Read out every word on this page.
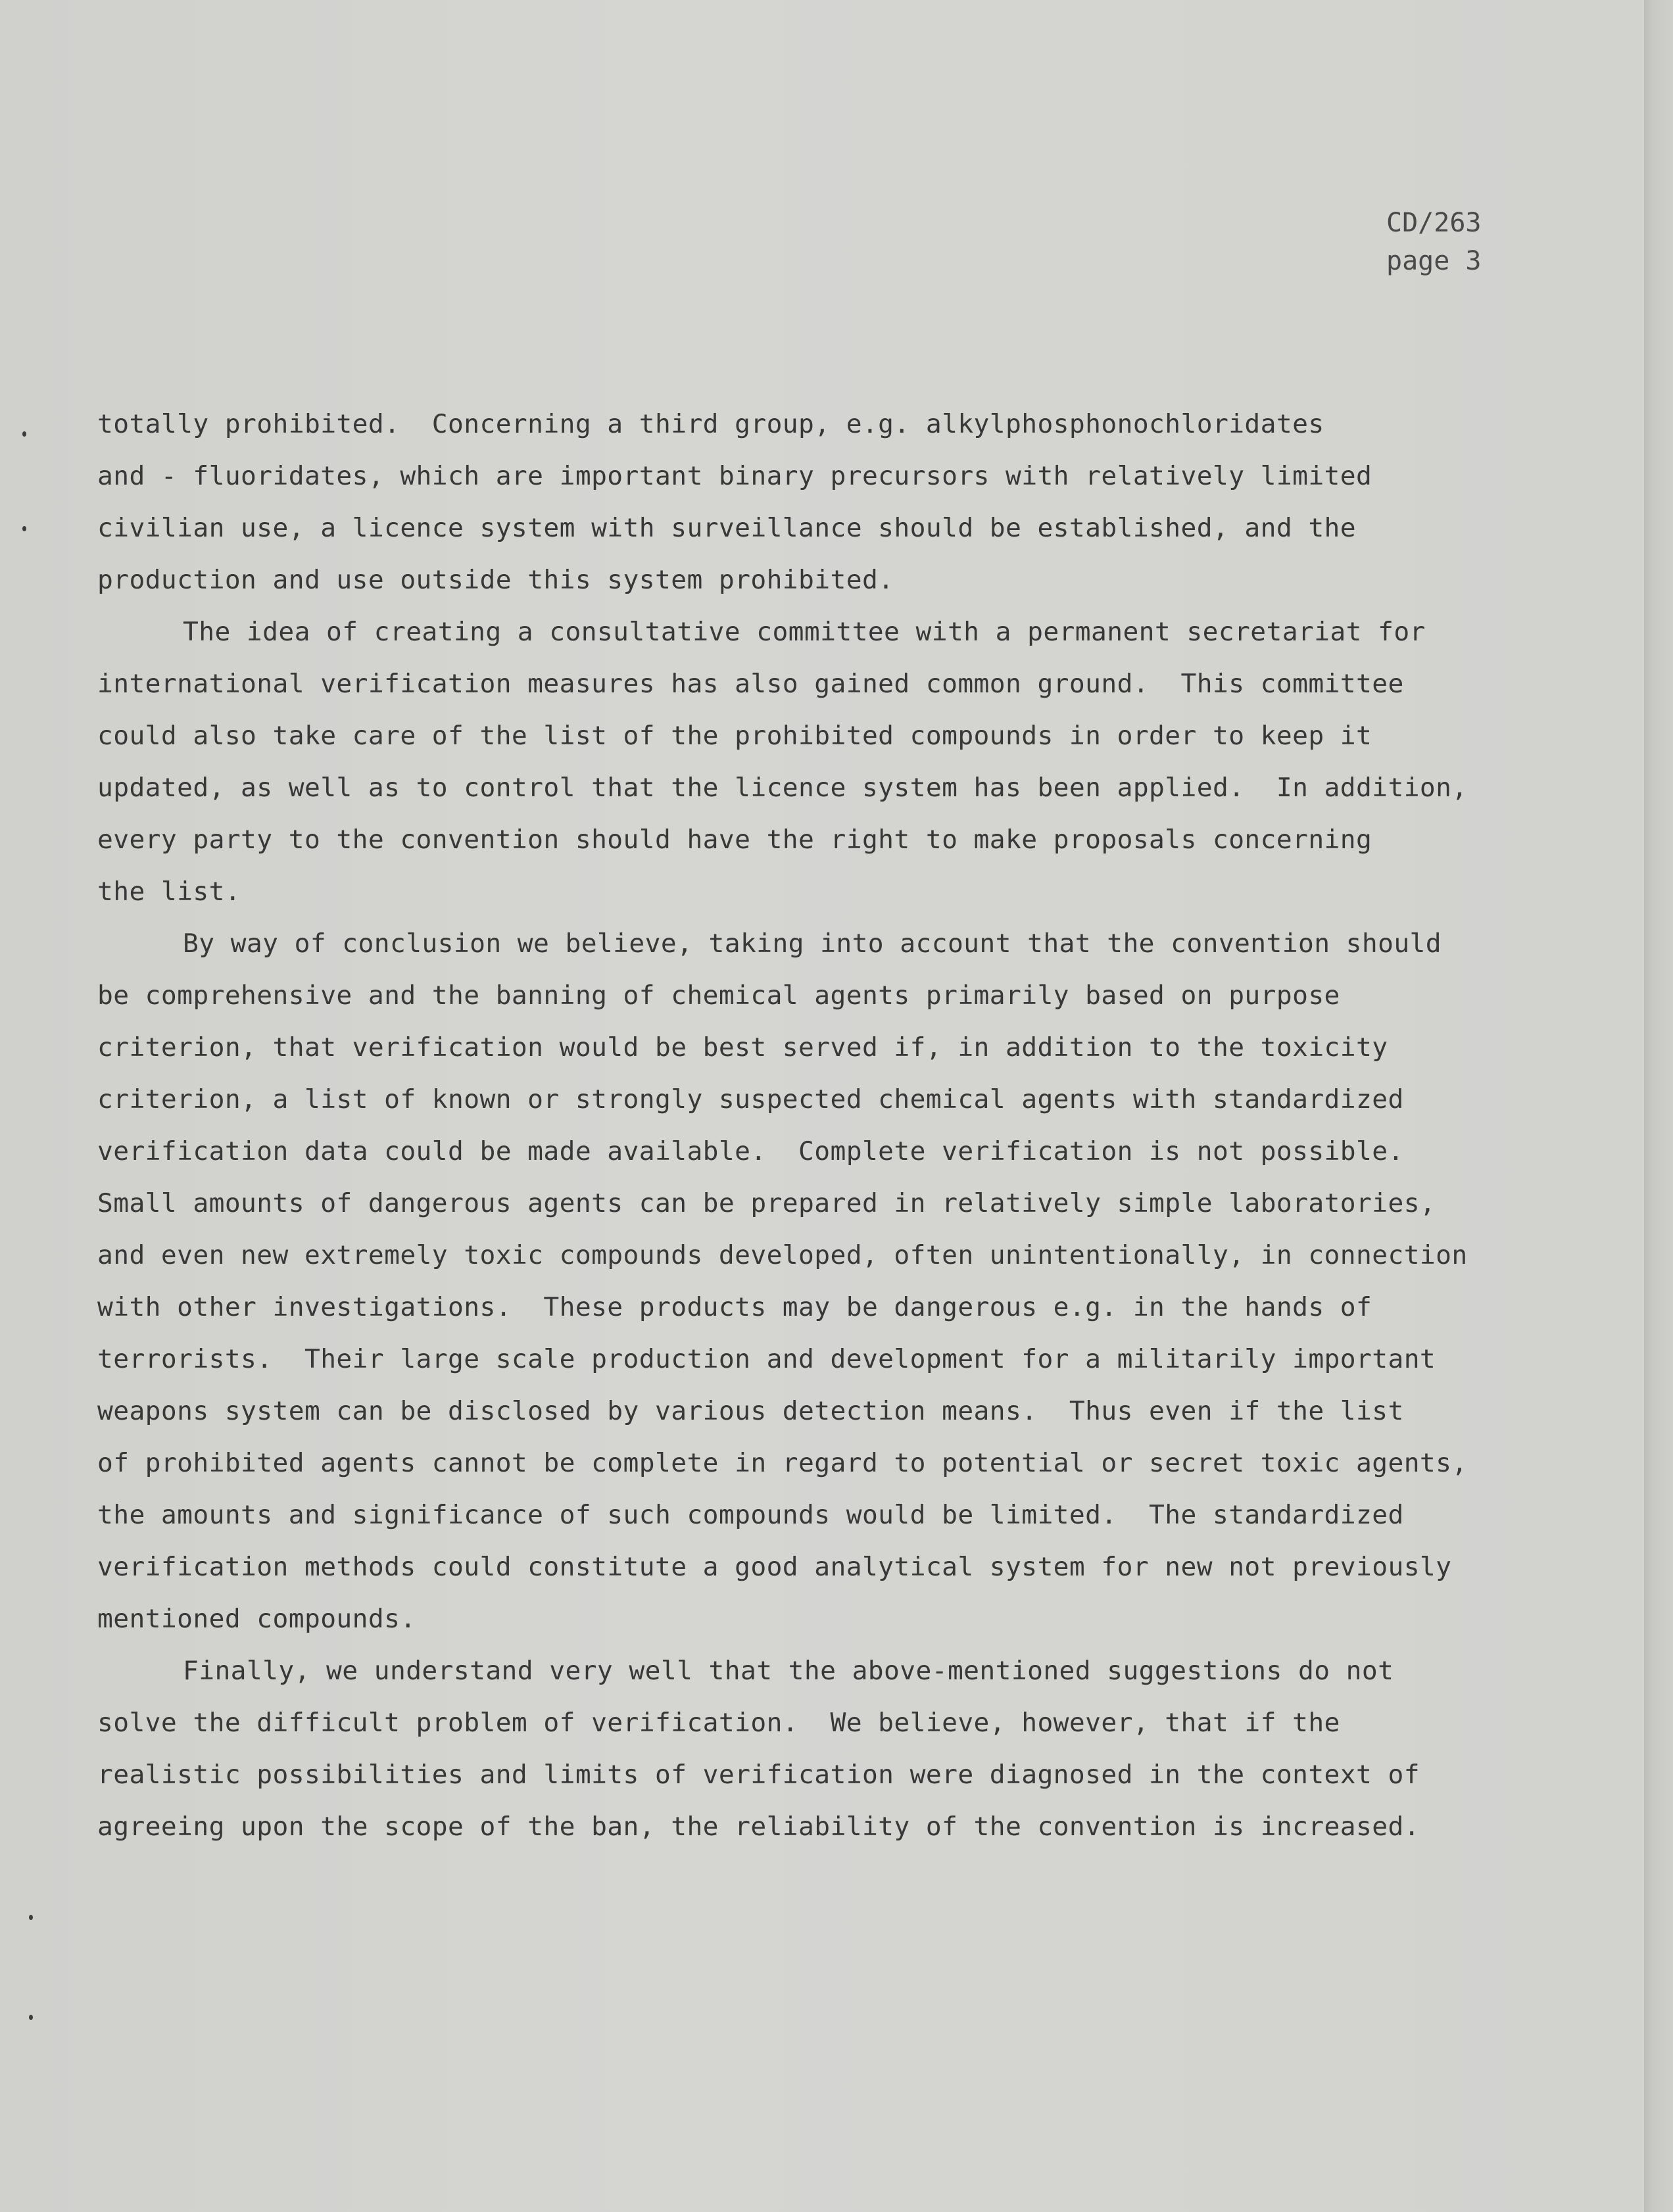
CD/263
page 3
totally prohibited.  Concerning a third group, e.g. alkylphosphonochloridates
and - fluoridates, which are important binary precursors with relatively limited
civilian use, a licence system with surveillance should be established, and the
production and use outside this system prohibited.
The idea of creating a consultative committee with a permanent secretariat for
international verification measures has also gained common ground.  This committee
could also take care of the list of the prohibited compounds in order to keep it
updated, as well as to control that the licence system has been applied.  In addition,
every party to the convention should have the right to make proposals concerning
the list.
By way of conclusion we believe, taking into account that the convention should
be comprehensive and the banning of chemical agents primarily based on purpose
criterion, that verification would be best served if, in addition to the toxicity
criterion, a list of known or strongly suspected chemical agents with standardized
verification data could be made available.  Complete verification is not possible.
Small amounts of dangerous agents can be prepared in relatively simple laboratories,
and even new extremely toxic compounds developed, often unintentionally, in connection
with other investigations.  These products may be dangerous e.g. in the hands of
terrorists.  Their large scale production and development for a militarily important
weapons system can be disclosed by various detection means.  Thus even if the list
of prohibited agents cannot be complete in regard to potential or secret toxic agents,
the amounts and significance of such compounds would be limited.  The standardized
verification methods could constitute a good analytical system for new not previously
mentioned compounds.
Finally, we understand very well that the above-mentioned suggestions do not
solve the difficult problem of verification.  We believe, however, that if the
realistic possibilities and limits of verification were diagnosed in the context of
agreeing upon the scope of the ban, the reliability of the convention is increased.
